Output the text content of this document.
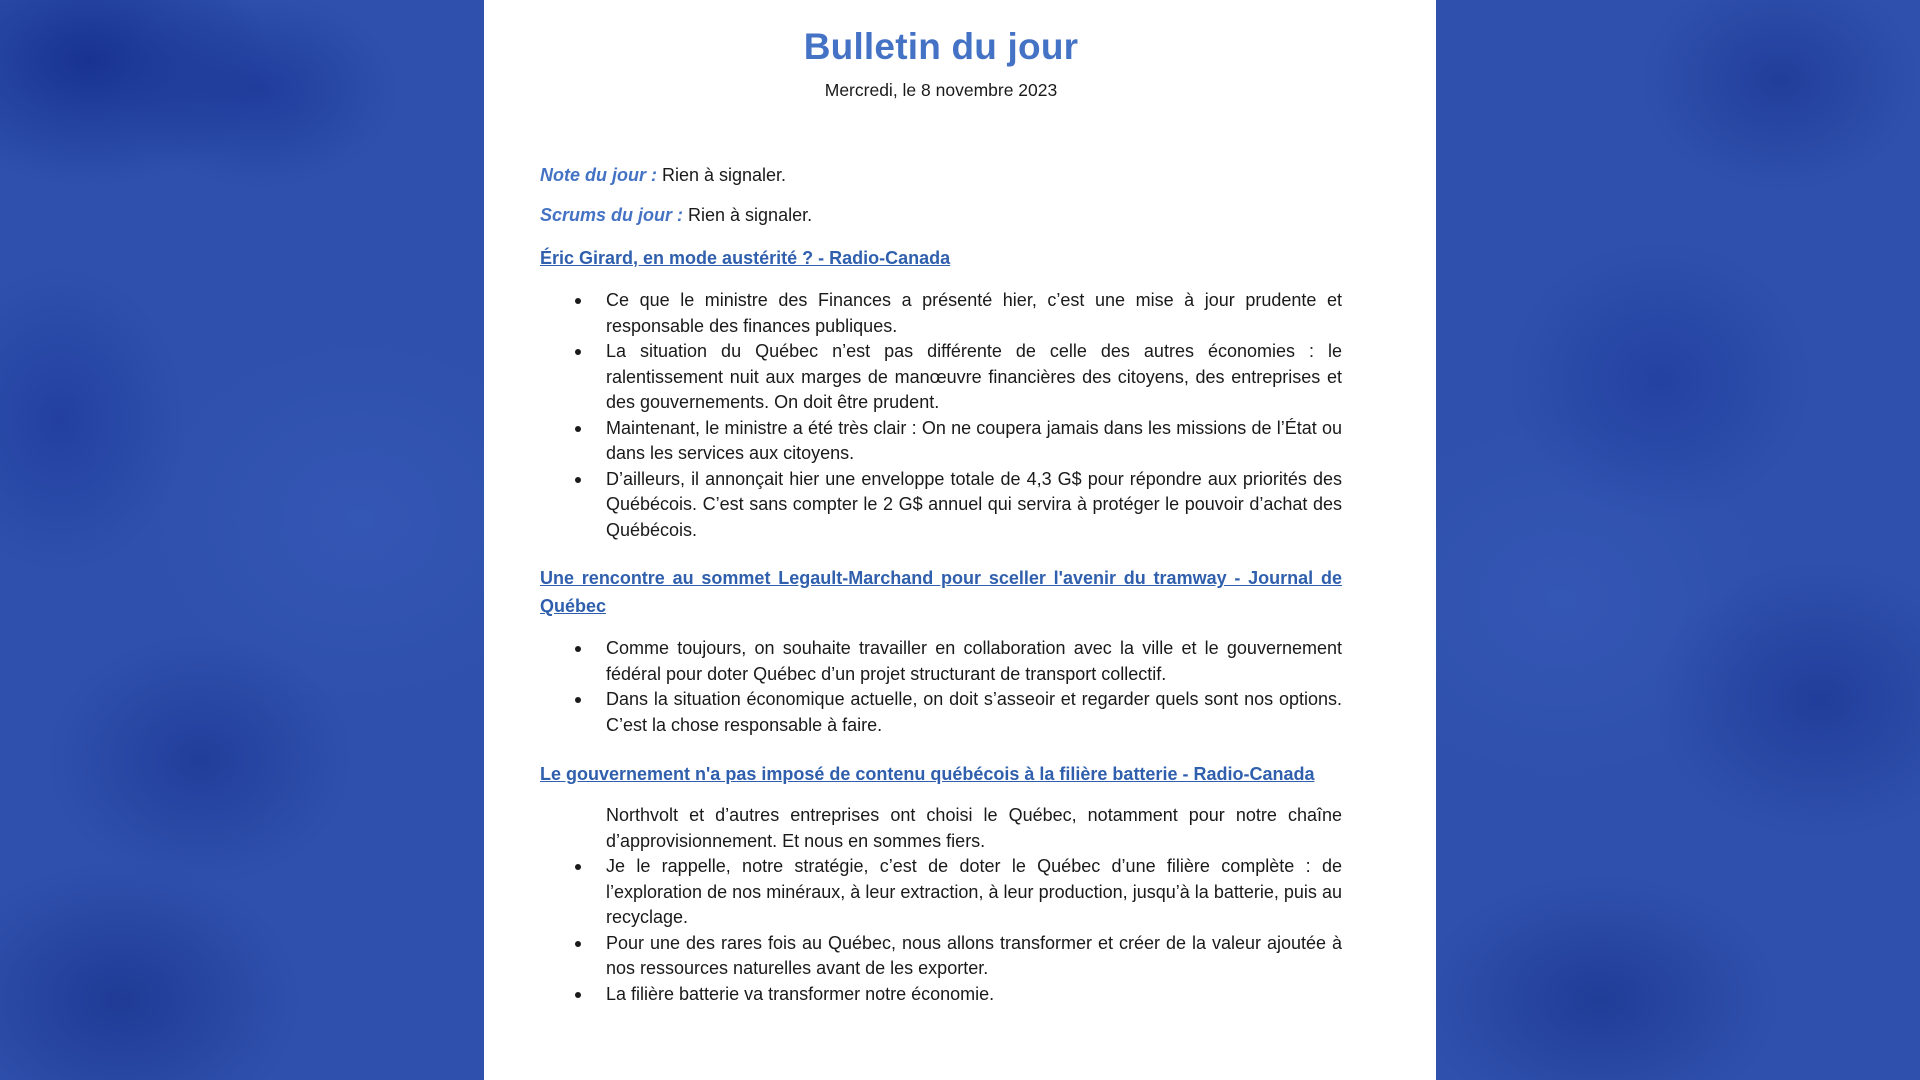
Bulletin du jour
Mercredi, le 8 novembre 2023
Note du jour : Rien à signaler.
Scrums du jour : Rien à signaler.
Éric Girard, en mode austérité ? - Radio-Canada
Ce que le ministre des Finances a présenté hier, c’est une mise à jour prudente et responsable des finances publiques.
La situation du Québec n’est pas différente de celle des autres économies : le ralentissement nuit aux marges de manœuvre financières des citoyens, des entreprises et des gouvernements. On doit être prudent.
Maintenant, le ministre a été très clair : On ne coupera jamais dans les missions de l’État ou dans les services aux citoyens.
D’ailleurs, il annonçait hier une enveloppe totale de 4,3 G$ pour répondre aux priorités des Québécois. C’est sans compter le 2 G$ annuel qui servira à protéger le pouvoir d’achat des Québécois.
Une rencontre au sommet Legault-Marchand pour sceller l'avenir du tramway - Journal de Québec
Comme toujours, on souhaite travailler en collaboration avec la ville et le gouvernement fédéral pour doter Québec d’un projet structurant de transport collectif.
Dans la situation économique actuelle, on doit s’asseoir et regarder quels sont nos options. C’est la chose responsable à faire.
Le gouvernement n'a pas imposé de contenu québécois à la filière batterie - Radio-Canada
Northvolt et d’autres entreprises ont choisi le Québec, notamment pour notre chaîne d’approvisionnement. Et nous en sommes fiers.
Je le rappelle, notre stratégie, c’est de doter le Québec d’une filière complète : de l’exploration de nos minéraux, à leur extraction, à leur production, jusqu’à la batterie, puis au recyclage.
Pour une des rares fois au Québec, nous allons transformer et créer de la valeur ajoutée à nos ressources naturelles avant de les exporter.
La filière batterie va transformer notre économie.
